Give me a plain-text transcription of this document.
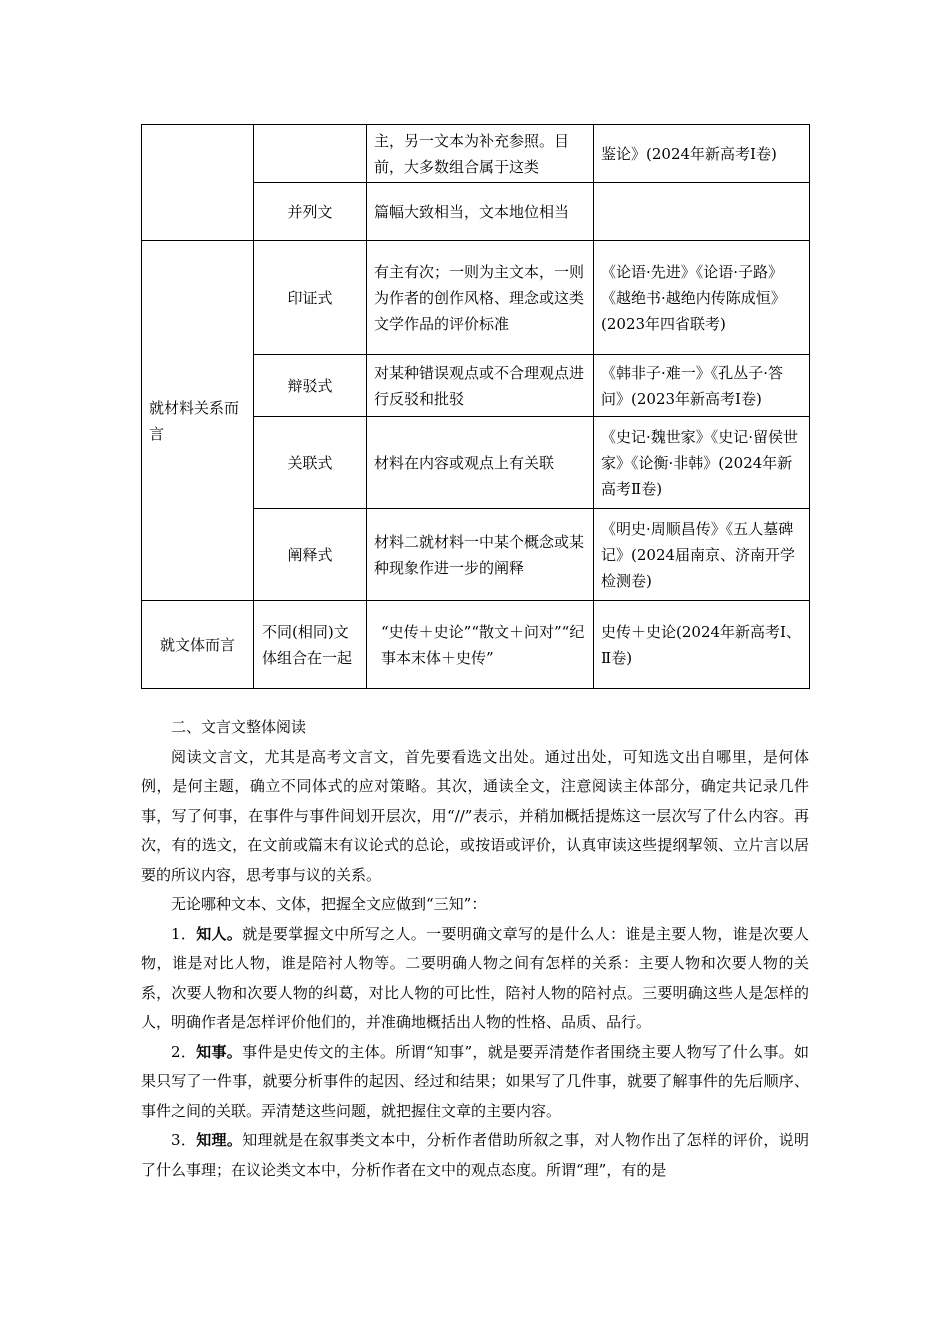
		主，另一文本为补充参照。目前，大多数组合属于这类	鉴论》(2024年新高考Ⅰ卷)
	并列文	篇幅大致相当，文本地位相当	
就材料关系而言	印证式	有主有次；一则为主文本，一则为作者的创作风格、理念或这类文学作品的评价标准	《论语·先进》《论语·子路》《越绝书·越绝内传陈成恒》(2023年四省联考)
	辩驳式	对某种错误观点或不合理观点进行反驳和批驳	《韩非子·难一》《孔丛子·答问》(2023年新高考Ⅰ卷)
	关联式	材料在内容或观点上有关联	《史记·魏世家》《史记·留侯世家》《论衡·非韩》(2024年新高考Ⅱ卷)
	阐释式	材料二就材料一中某个概念或某种现象作进一步的阐释	《明史·周顺昌传》《五人墓碑记》(2024届南京、济南开学检测卷)
就文体而言	不同(相同)文体组合在一起	“史传＋史论”“散文＋问对”“纪事本末体＋史传”	史传＋史论(2024年新高考Ⅰ、Ⅱ卷)

二、文言文整体阅读

阅读文言文，尤其是高考文言文，首先要看选文出处。通过出处，可知选文出自哪里，是何体例，是何主题，确立不同体式的应对策略。其次，通读全文，注意阅读主体部分，确定共记录几件事，写了何事，在事件与事件间划开层次，用“//”表示，并稍加概括提炼这一层次写了什么内容。再次，有的选文，在文前或篇末有议论式的总论，或按语或评价，认真审读这些提纲挈领、立片言以居要的所议内容，思考事与议的关系。

无论哪种文本、文体，把握全文应做到“三知”：

1．知人。就是要掌握文中所写之人。一要明确文章写的是什么人：谁是主要人物，谁是次要人物，谁是对比人物，谁是陪衬人物等。二要明确人物之间有怎样的关系：主要人物和次要人物的关系，次要人物和次要人物的纠葛，对比人物的可比性，陪衬人物的陪衬点。三要明确这些人是怎样的人，明确作者是怎样评价他们的，并准确地概括出人物的性格、品质、品行。

2．知事。事件是史传文的主体。所谓“知事”，就是要弄清楚作者围绕主要人物写了什么事。如果只写了一件事，就要分析事件的起因、经过和结果；如果写了几件事，就要了解事件的先后顺序、事件之间的关联。弄清楚这些问题，就把握住文章的主要内容。

3．知理。知理就是在叙事类文本中，分析作者借助所叙之事，对人物作出了怎样的评价，说明了什么事理；在议论类文本中，分析作者在文中的观点态度。所谓“理”，有的是
